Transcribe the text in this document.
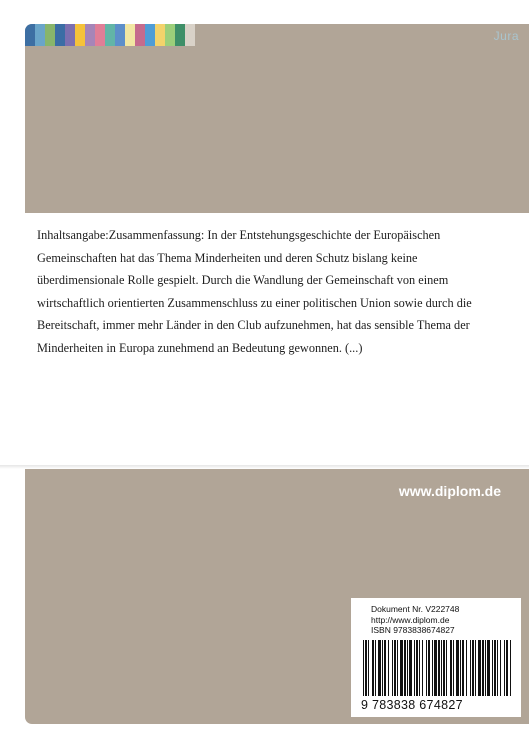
Jura

Inhaltsangabe:Zusammenfassung: In der Entstehungsgeschichte der Europäischen Gemeinschaften hat das Thema Minderheiten und deren Schutz bislang keine überdimensionale Rolle gespielt. Durch die Wandlung der Gemeinschaft von einem wirtschaftlich orientierten Zusammenschluss zu einer politischen Union sowie durch die Bereitschaft, immer mehr Länder in den Club aufzunehmen, hat das sensible Thema der Minderheiten in Europa zunehmend an Bedeutung gewonnen. (...)

www.diplom.de
Dokument Nr. V222748
http://www.diplom.de
ISBN 9783838674827
9 783838 674827
